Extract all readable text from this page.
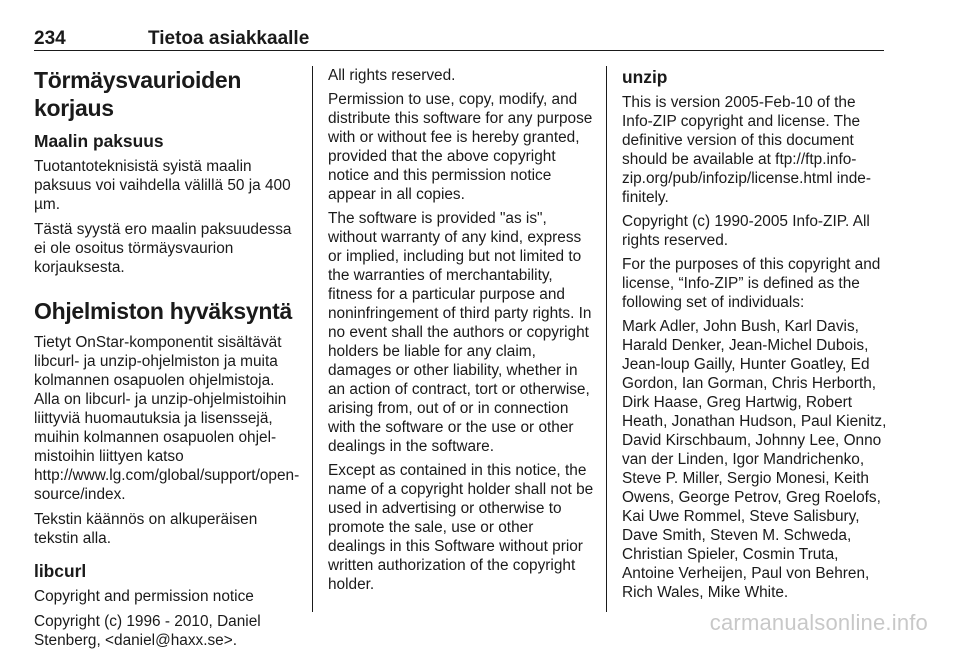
234	Tietoa asiakkaalle
Törmäysvaurioiden korjaus
Maalin paksuus

Tuotantoteknisistä syistä maalin paksuus voi vaihdella välillä 50 ja 400 µm.

Tästä syystä ero maalin paksuudessa ei ole osoitus törmäysvaurion korjauksesta.

Ohjelmiston hyväksyntä

Tietyt OnStar-komponentit sisältävät libcurl- ja unzip-ohjelmiston ja muita kolmannen osapuolen ohjelmistoja. Alla on libcurl- ja unzip-ohjelmistoihin liittyviä huomautuksia ja lisenssejä, muihin kolmannen osapuolen ohjelmistoihin liittyen katso http://www.lg.com/global/support/open-source/index.

Tekstin käännös on alkuperäisen tekstin alla.

libcurl

Copyright and permission notice

Copyright (c) 1996 - 2010, Daniel Stenberg, <daniel@haxx.se>.

All rights reserved.

Permission to use, copy, modify, and distribute this software for any purpose with or without fee is hereby granted, provided that the above copyright notice and this permission notice appear in all copies.

The software is provided "as is", without warranty of any kind, express or implied, including but not limited to the warranties of merchantability, fitness for a particular purpose and noninfringement of third party rights. In no event shall the authors or copyright holders be liable for any claim, damages or other liability, whether in an action of contract, tort or otherwise, arising from, out of or in connection with the software or the use or other dealings in the software.

Except as contained in this notice, the name of a copyright holder shall not be used in advertising or otherwise to promote the sale, use or other dealings in this Software without prior written authorization of the copyright holder.

unzip

This is version 2005-Feb-10 of the Info-ZIP copyright and license. The definitive version of this document should be available at ftp://ftp.info-zip.org/pub/infozip/license.html indefinitely.

Copyright (c) 1990-2005 Info-ZIP. All rights reserved.

For the purposes of this copyright and license, “Info-ZIP” is defined as the following set of individuals:

Mark Adler, John Bush, Karl Davis, Harald Denker, Jean-Michel Dubois, Jean-loup Gailly, Hunter Goatley, Ed Gordon, Ian Gorman, Chris Herborth, Dirk Haase, Greg Hartwig, Robert Heath, Jonathan Hudson, Paul Kienitz, David Kirschbaum, Johnny Lee, Onno van der Linden, Igor Mandrichenko, Steve P. Miller, Sergio Monesi, Keith Owens, George Petrov, Greg Roelofs, Kai Uwe Rommel, Steve Salisbury, Dave Smith, Steven M. Schweda, Christian Spieler, Cosmin Truta, Antoine Verheijen, Paul von Behren, Rich Wales, Mike White.

carmanualsonline.info
